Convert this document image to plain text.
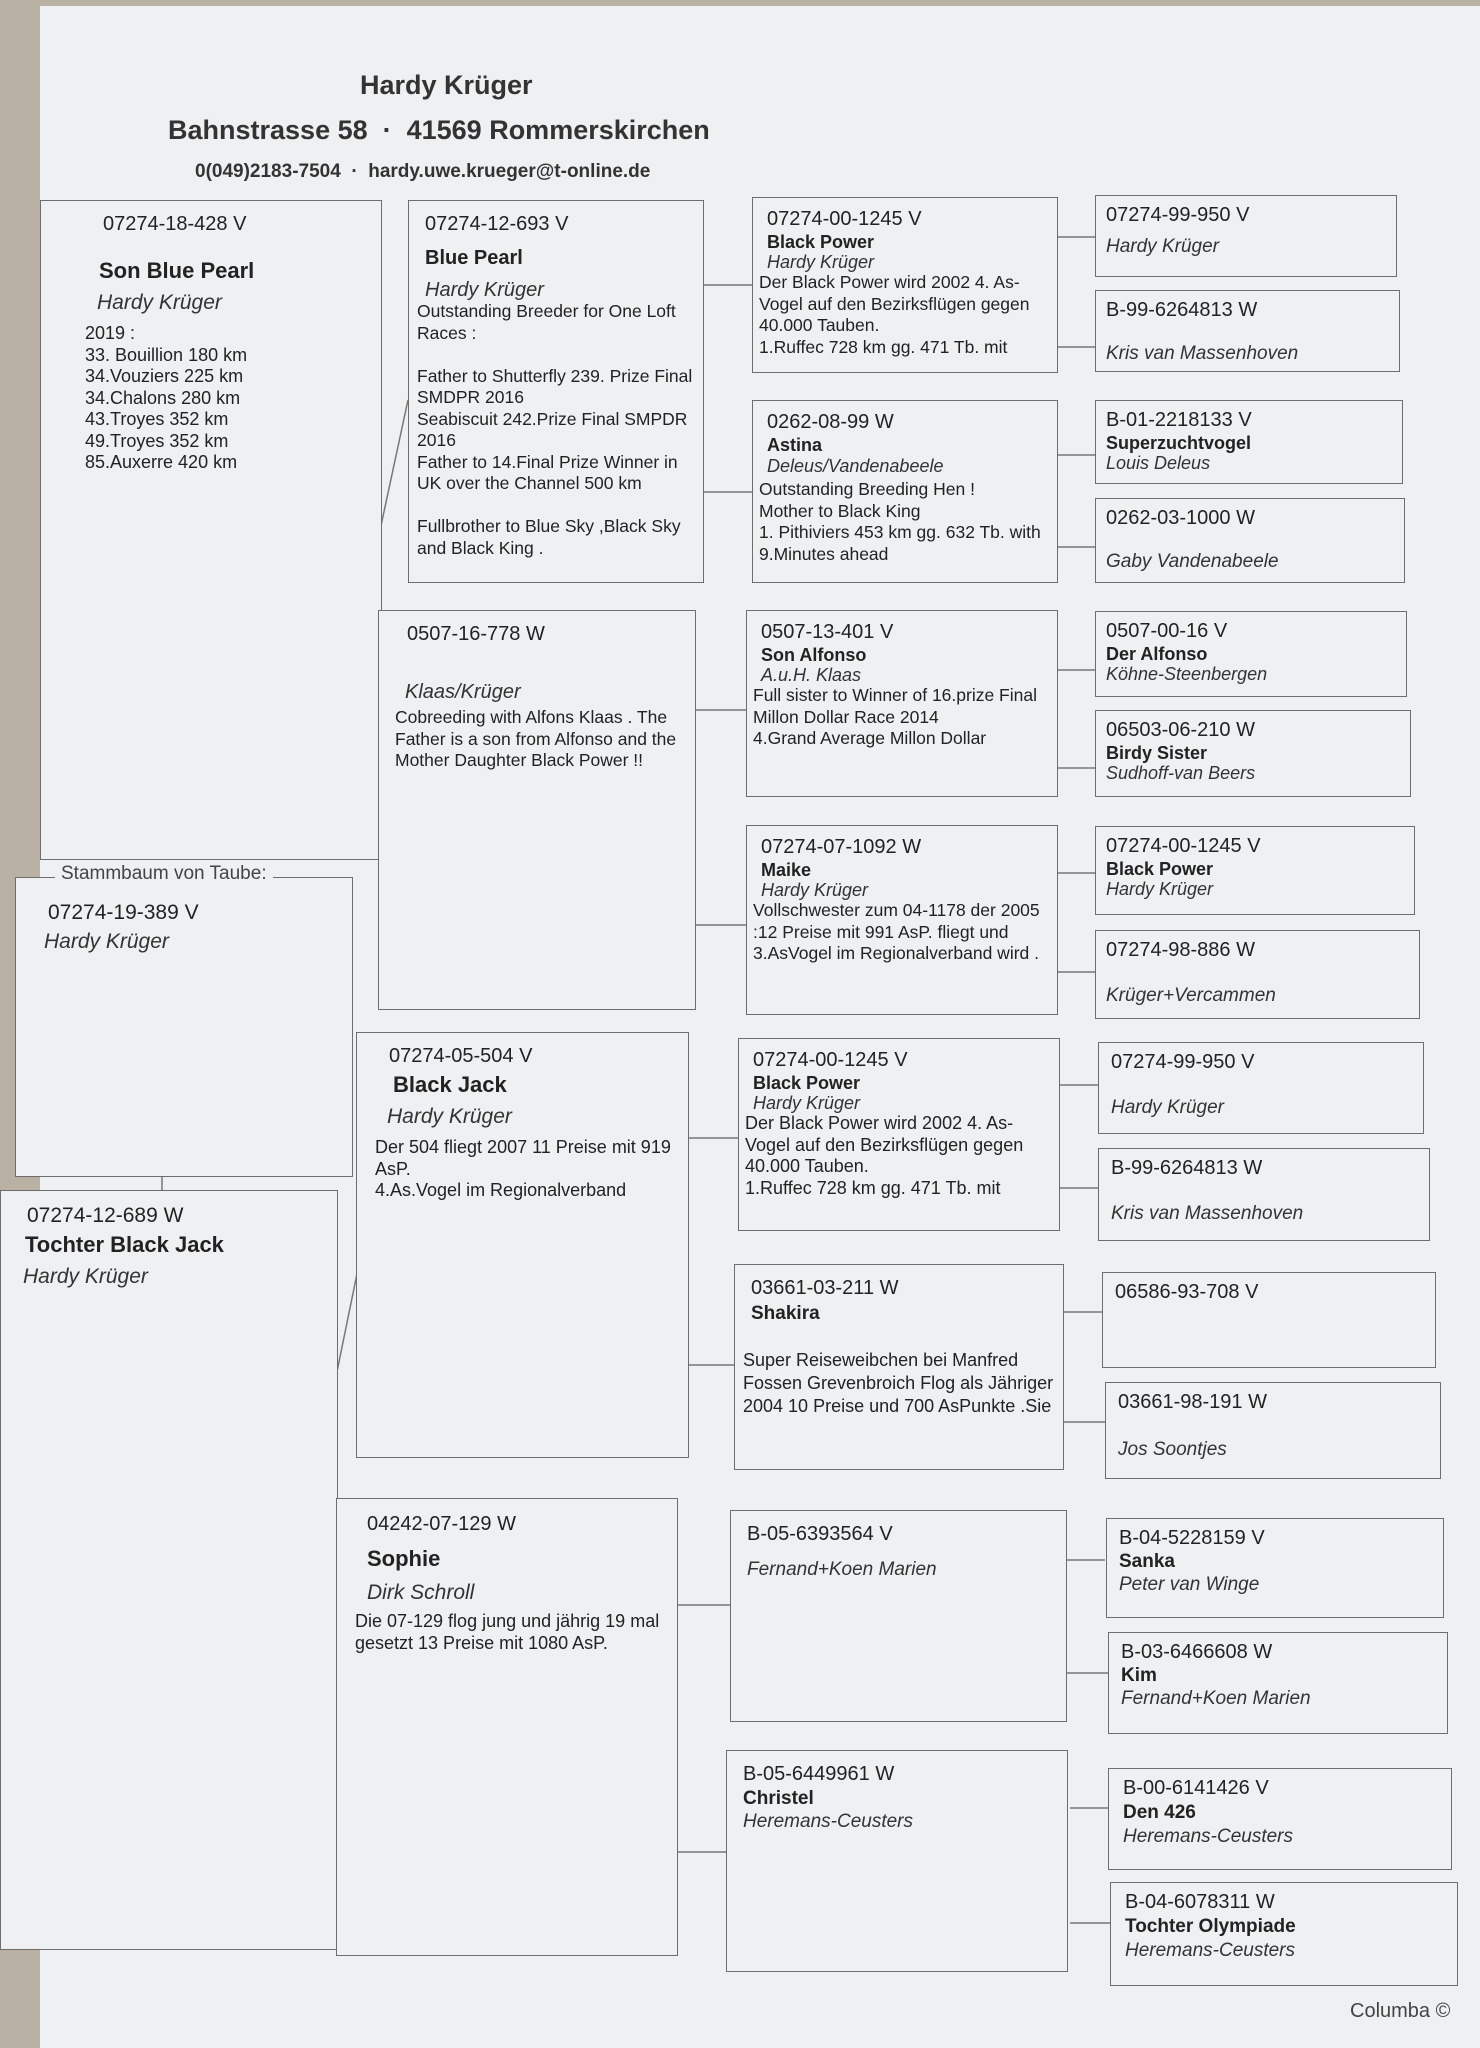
Hardy Krüger
Bahnstrasse 58  ·  41569 Rommerskirchen
0(049)2183-7504  ·  hardy.uwe.krueger@t-online.de
07274-18-428 V
Son Blue Pearl
Hardy Krüger
2019 :
33. Bouillion 180 km
34.Vouziers 225 km
34.Chalons 280 km
43.Troyes 352 km
49.Troyes 352 km
85.Auxerre 420 km
07274-19-389 V
Hardy Krüger
Stammbaum von Taube:
07274-12-689 W
Tochter Black Jack
Hardy Krüger
07274-12-693 V
Blue Pearl
Hardy Krüger
Outstanding Breeder for One Loft Races :

Father to Shutterfly 239. Prize Final SMDPR 2016
Seabiscuit 242.Prize Final SMPDR 2016
Father to 14.Final Prize Winner in UK over the Channel 500 km

Fullbrother to Blue Sky ,Black Sky and Black King .
0507-16-778 W
Klaas/Krüger
Cobreeding with Alfons Klaas . The Father is a son from Alfonso and the Mother Daughter Black Power !!
07274-05-504 V
Black Jack
Hardy Krüger
Der 504 fliegt 2007 11 Preise mit 919 AsP.
4.As.Vogel im Regionalverband
04242-07-129 W
Sophie
Dirk Schroll
Die 07-129 flog jung und jährig 19 mal gesetzt 13 Preise mit 1080 AsP.
07274-00-1245 V
Black Power
Hardy Krüger
Der Black Power wird 2002 4. As-Vogel auf den Bezirksflügen gegen 40.000 Tauben.
1.Ruffec 728 km gg. 471 Tb. mit
0262-08-99 W
Astina
Deleus/Vandenabeele
Outstanding Breeding Hen !
Mother to Black King
1. Pithiviers 453 km gg. 632 Tb. with 9.Minutes ahead
0507-13-401 V
Son Alfonso
A.u.H. Klaas
Full sister to Winner of 16.prize Final Millon Dollar Race 2014
4.Grand Average Millon Dollar
07274-07-1092 W
Maike
Hardy Krüger
Vollschwester zum 04-1178 der 2005 :12 Preise mit 991 AsP. fliegt und 3.AsVogel im Regionalverband wird .
07274-00-1245 V
Black Power
Hardy Krüger
Der Black Power wird 2002 4. As-Vogel auf den Bezirksflügen gegen 40.000 Tauben.
1.Ruffec 728 km gg. 471 Tb. mit
03661-03-211 W
Shakira
Super Reiseweibchen bei Manfred Fossen Grevenbroich Flog als Jähriger 2004 10 Preise und 700 AsPunkte .Sie
B-05-6393564 V
Fernand+Koen Marien
B-05-6449961 W
Christel
Heremans-Ceusters
07274-99-950 V
Hardy Krüger
B-99-6264813 W
Kris van Massenhoven
B-01-2218133 V
Superzuchtvogel
Louis Deleus
0262-03-1000 W
Gaby Vandenabeele
0507-00-16 V
Der Alfonso
Köhne-Steenbergen
06503-06-210 W
Birdy Sister
Sudhoff-van Beers
07274-00-1245 V
Black Power
Hardy Krüger
07274-98-886 W
Krüger+Vercammen
07274-99-950 V
Hardy Krüger
B-99-6264813 W
Kris van Massenhoven
06586-93-708 V
03661-98-191 W
Jos Soontjes
B-04-5228159 V
Sanka
Peter van Winge
B-03-6466608 W
Kim
Fernand+Koen Marien
B-00-6141426 V
Den 426
Heremans-Ceusters
B-04-6078311 W
Tochter Olympiade
Heremans-Ceusters
Columba ©
